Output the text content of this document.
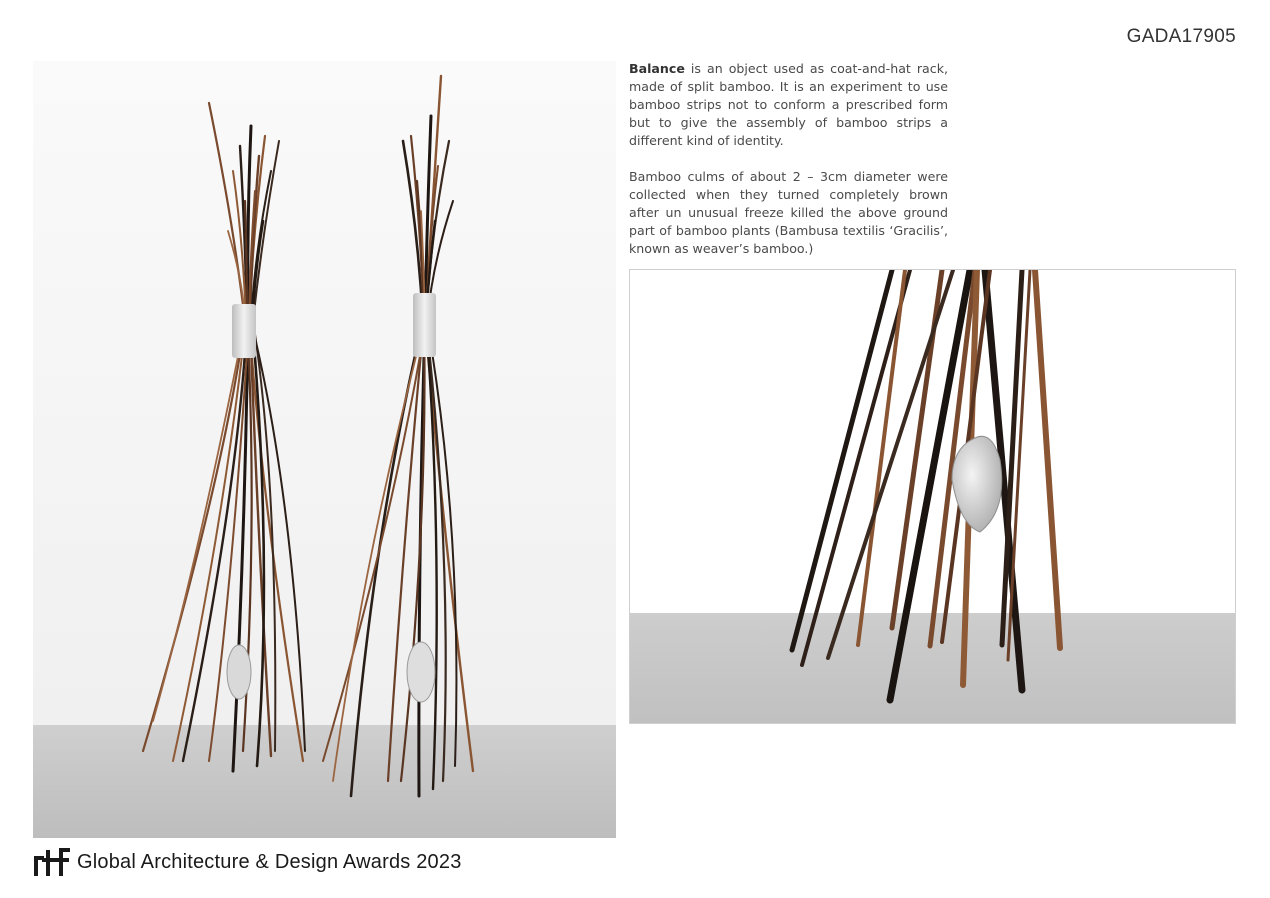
GADA17905

Balance is an object used as coat-and-hat rack, made of split bamboo. It is an experiment to use bamboo strips not to conform a prescribed form but to give the assembly of bamboo strips a different kind of identity.

Bamboo culms of about 2 – 3cm diameter were collected when they turned completely brown after un unusual freeze killed the above ground part of bamboo plants (Bambusa textilis ‘Gracilis’, known as weaver’s bamboo.)

Global Architecture & Design Awards 2023
